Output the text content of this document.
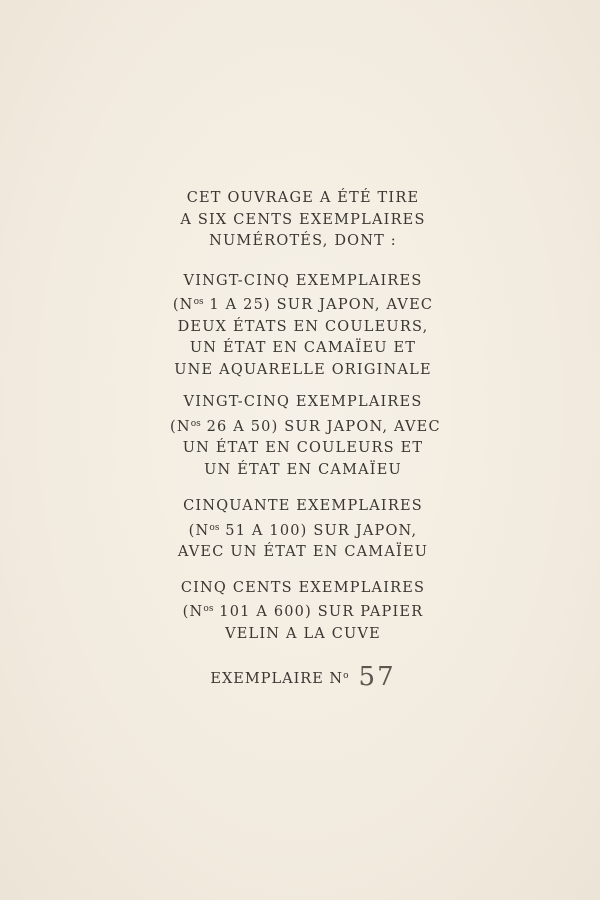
CET OUVRAGE A ÉTÉ TIRE
A SIX CENTS EXEMPLAIRES
NUMÉROTÉS, DONT :
VINGT-CINQ EXEMPLAIRES
($N^{os}$ 1 A 25) SUR JAPON, AVEC
DEUX ÉTATS EN COULEURS,
UN ÉTAT EN CAMAÏEU ET
UNE AQUARELLE ORIGINALE
VINGT-CINQ EXEMPLAIRES
($N^{os}$ 26 A 50) SUR JAPON, AVEC
UN ÉTAT EN COULEURS ET
UN ÉTAT EN CAMAÏEU
CINQUANTE EXEMPLAIRES
($N^{os}$ 51 A 100) SUR JAPON,
AVEC UN ÉTAT EN CAMAÏEU
CINQ CENTS EXEMPLAIRES
($N^{os}$ 101 A 600) SUR PAPIER
VELIN A LA CUVE
EXEMPLAIRE $N^o$ 57
